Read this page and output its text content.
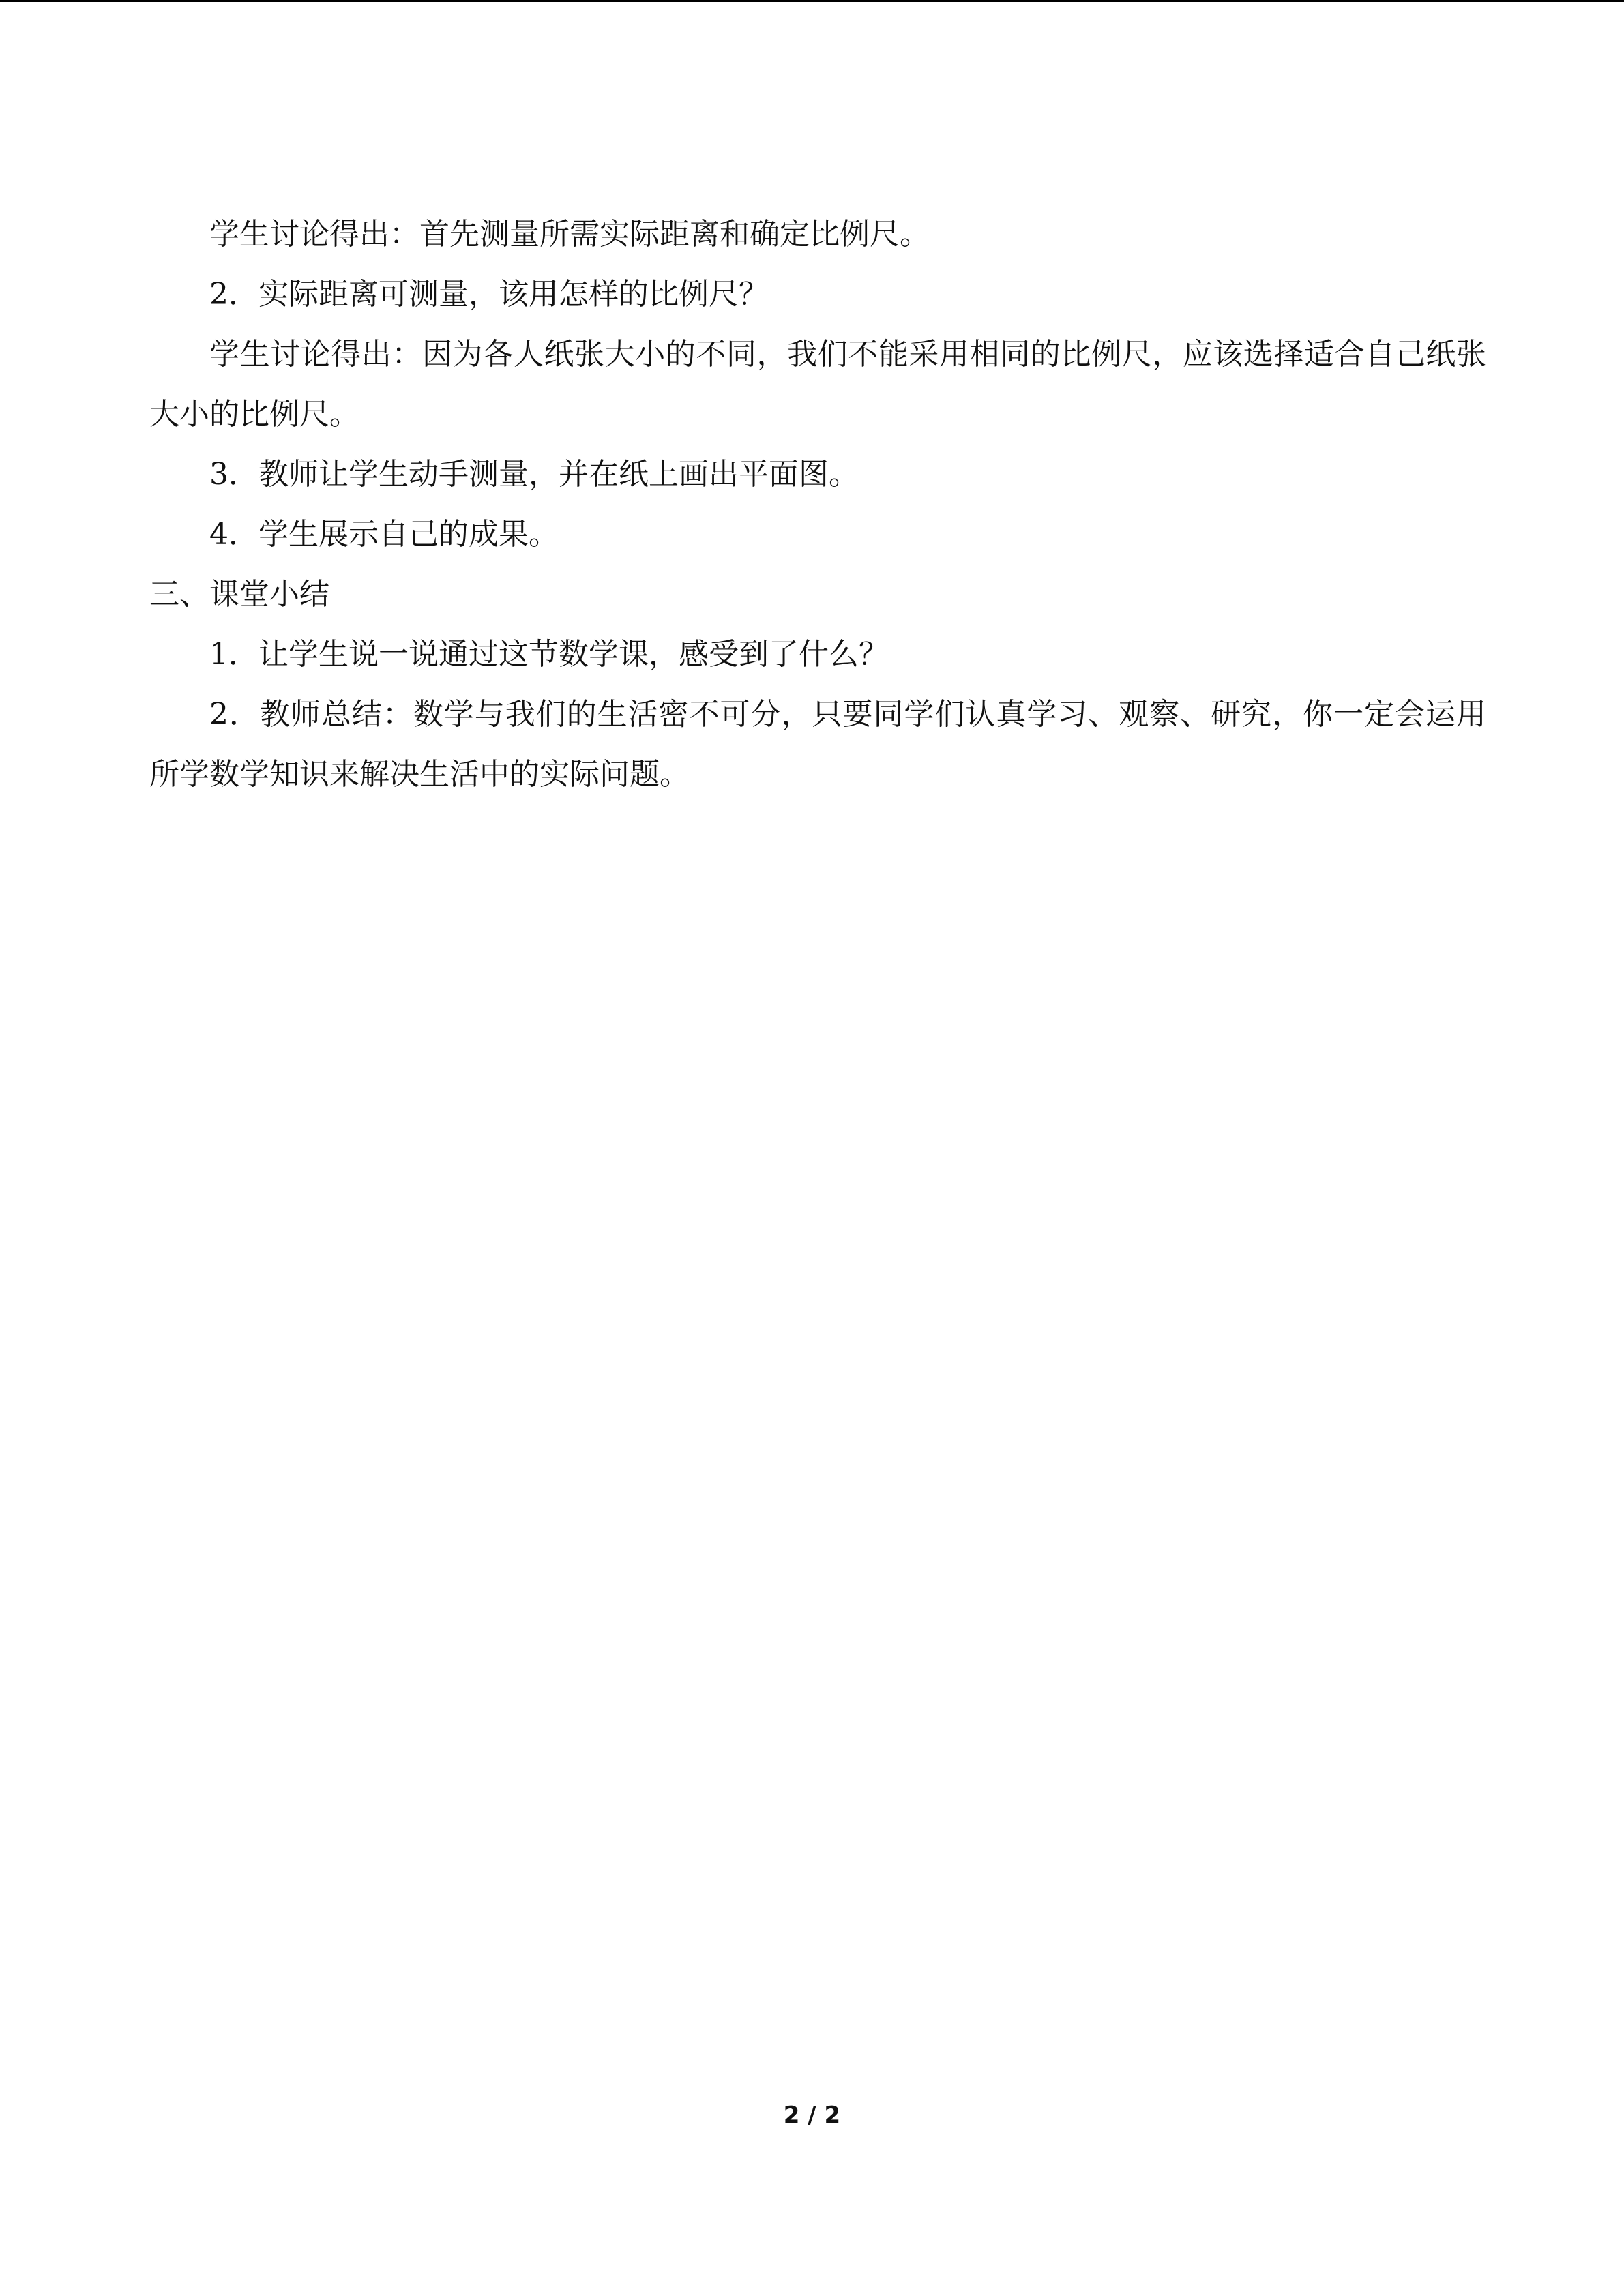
学生讨论得出：首先测量所需实际距离和确定比例尺。

2．实际距离可测量，该用怎样的比例尺？

学生讨论得出：因为各人纸张大小的不同，我们不能采用相同的比例尺，应该选择适合自己纸张大小的比例尺。

3．教师让学生动手测量，并在纸上画出平面图。

4．学生展示自己的成果。

三、课堂小结

1．让学生说一说通过这节数学课，感受到了什么？

2．教师总结：数学与我们的生活密不可分，只要同学们认真学习、观察、研究，你一定会运用所学数学知识来解决生活中的实际问题。

2 / 2
